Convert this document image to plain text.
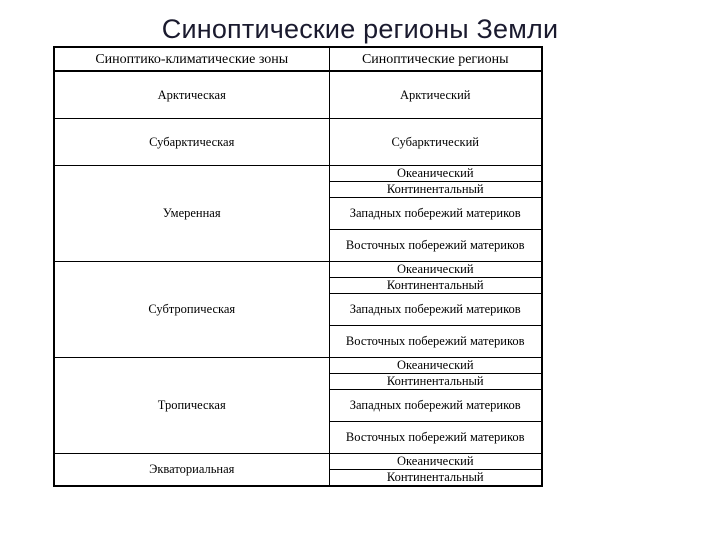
Синоптические регионы Земли
Синоптико-климатические зоны	Синоптические регионы
Арктическая	Арктический
Субарктическая	Субарктический
Умеренная	Океанический
	Континентальный
	Западных побережий материков
	Восточных побережий материков
Субтропическая	Океанический
	Континентальный
	Западных побережий материков
	Восточных побережий материков
Тропическая	Океанический
	Континентальный
	Западных побережий материков
	Восточных побережий материков
Экваториальная	Океанический
	Континентальный
